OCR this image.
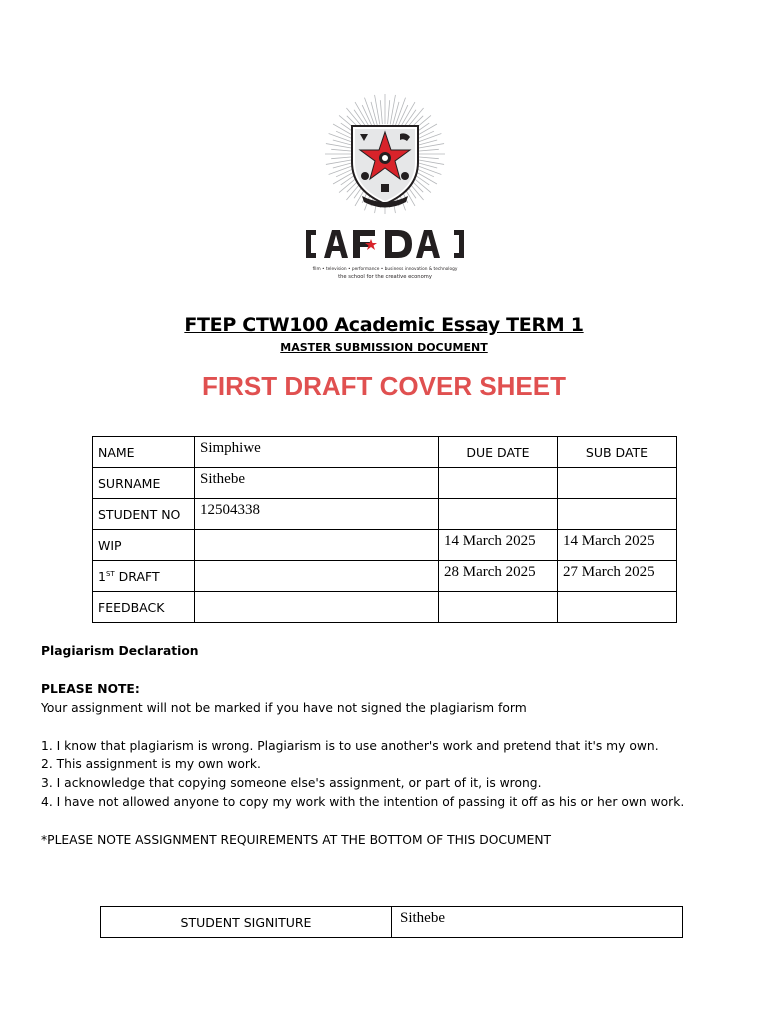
film • television • performance • business innovation & technology
the school for the creative economy
FTEP CTW100 Academic Essay TERM 1
MASTER SUBMISSION DOCUMENT
FIRST DRAFT COVER SHEET
NAME	Simphiwe	DUE DATE	SUB DATE
SURNAME	Sithebe		
STUDENT NO	12504338		
WIP		14 March 2025	14 March 2025
1ST DRAFT		28 March 2025	27 March 2025
FEEDBACK			

Plagiarism Declaration

PLEASE NOTE:

Your assignment will not be marked if you have not signed the plagiarism form

1. I know that plagiarism is wrong. Plagiarism is to use another's work and pretend that it's my own.

2. This assignment is my own work.

3. I acknowledge that copying someone else's assignment, or part of it, is wrong.

4. I have not allowed anyone to copy my work with the intention of passing it off as his or her own work.

*PLEASE NOTE ASSIGNMENT REQUIREMENTS AT THE BOTTOM OF THIS DOCUMENT

STUDENT SIGNITURE	Sithebe
